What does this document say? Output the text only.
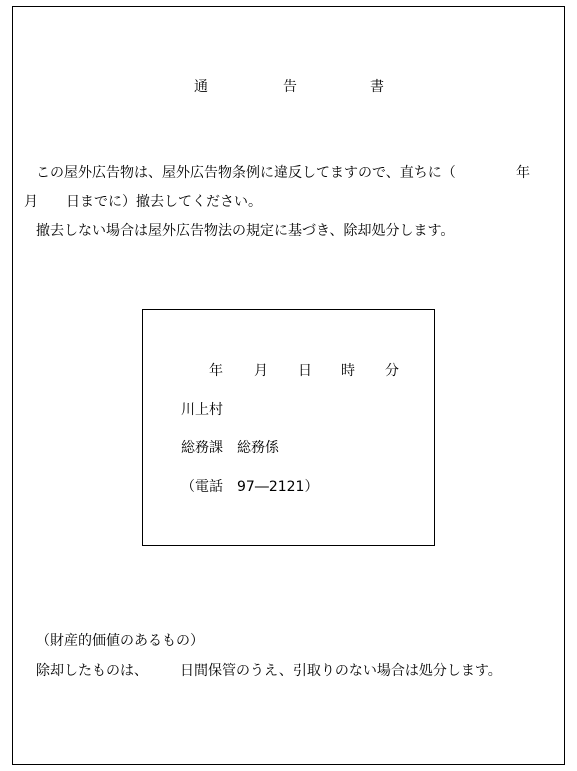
通	告	書
この屋外広告物は、屋外広告物条例に違反してますので、直ちに（	年
月 日までに）撤去してください。
撤去しない場合は屋外広告物法の規定に基づき、除却処分します。
年 月 日 時 分
川上村
総務課　総務係
（電話　97―2121）
（財産的価値のあるもの）
除却したものは、 日間保管のうえ、引取りのない場合は処分します。
